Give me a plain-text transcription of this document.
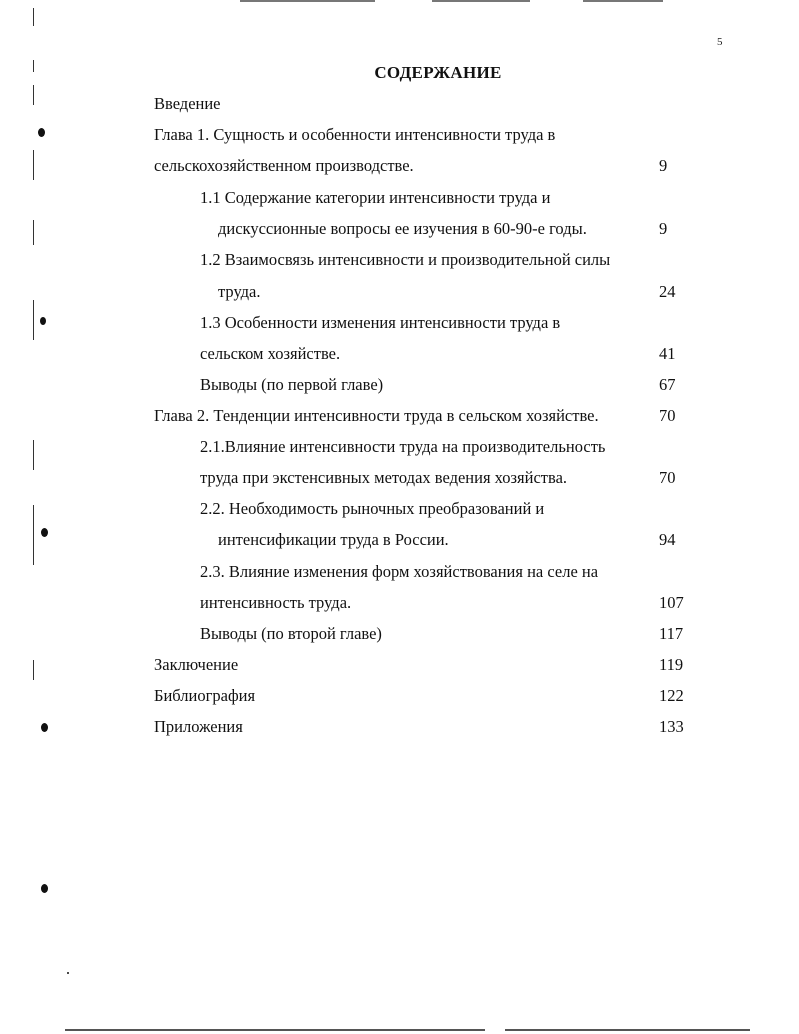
5
СОДЕРЖАНИЕ
Введение
Глава 1. Сущность и особенности интенсивности труда в
сельскохозяйственном производстве.	9
1.1 Содержание категории интенсивности труда и
дискуссионные вопросы ее изучения в 60-90-е годы.	9
1.2 Взаимосвязь интенсивности и производительной силы
труда.	24
1.3 Особенности изменения интенсивности труда в
сельском хозяйстве.	41
Выводы (по первой главе)	67
Глава 2. Тенденции интенсивности труда в сельском хозяйстве.	70
2.1.Влияние интенсивности труда на производительность
труда при экстенсивных методах ведения хозяйства.	70
2.2. Необходимость рыночных преобразований и
интенсификации труда в России.	94
2.3. Влияние изменения форм хозяйствования на селе на
интенсивность труда.	107
Выводы (по второй главе)	117
Заключение	119
Библиография	122
Приложения	133
